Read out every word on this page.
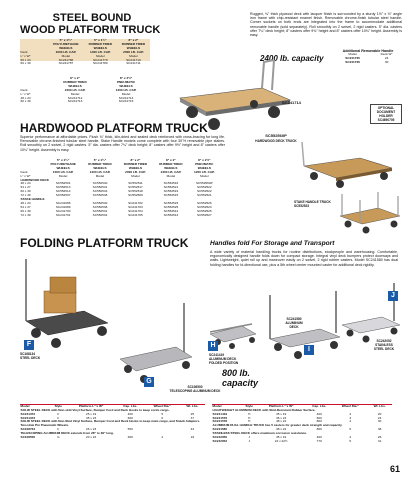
STEEL BOUND
WOOD PLATFORM TRUCK
	5" x 1¼"	5" x 1¼"	8" x 2"
	POLYURETHANE	RUBBER TIRED	RUBBER TIRED
	WHEELS	WHEELS	WHEELS
Deck	1000 LB. CAP.	1400 LB. CAP.	2000 LB. CAP.
L" x W"	Model	Model	Model
60 x 24	SC241786	SC241779	SC241710
60 x 30	SC241787	SC241780	SC241711
	8" x 2"	8" x 2½"
	RUBBER TIRED	PNEUMATIC
	WHEELS	WHEELS
Deck	2400 LB. CAP.	1200 LB. CAP.
L" x W"	Model	Model
48 x 24	SC241712	SC241714
60 x 30	SC241713	SC241715
Rugged, ¾" thick plywood deck with lacquer finish is surrounded by a sturdy 1½" x ⅛" angle iron frame with chip-resistant enamel finish. Removable chrome-finish tubular steel handle. Corner sockets on both ends are integrated into the frame to accommodate additional removable handle (sold separately). Roll smoothly on 2 swivel, 2 rigid casters. 5" dia. casters offer 7¼" deck height; 8" casters offer 9¾" height and 8" casters offer 10¾" height. Assembly is easy.
2400 lb. capacity
Additional Removable Handle
Model	Deck W"
SC241735	24
SC241736	30
SC241714
OPTIONAL
DOCUMENT
HOLDER
SC4690705
HARDWOOD PLATFORM TRUCK
Superior performance at affordable prices. Flush ¾" thick, kiln-dried and sealed deck reinforced with cross-bracing for long life. Removable chrome-finished tubular steel handle. Stake Handle models come complete with four 30"H removable pipe stakes. Roll smoothly on 2 swivel, 2 rigid casters. 5" dia. casters offer 7¼" deck height; 8" casters offer 9½" height and 8" casters offer 10¼" height. Assembly is easy.
	5" x 1¼"	5" x 1¼"	8" x 2"	8" x 2"	8" x 2½"
	POLYURETHANE	RUBBER TIRED	RUBBER TIRED	RUBBER TIRED	PNEUMATIC
	WHEELS	WHEELS	WHEELS	WHEELS	WHEELS
Deck	1000 LB. CAP.	1400 LB. CAP.	2000 LB. CAP.	2400 LB. CAP.	1200 LB. CAP.
L" x W"	Model	Model	Model	Model	Model
HARDWOOD DECK					
48 x 24	SC552501	SC552540	SC552511	SC552516	SC552560P
54 x 27	SC552513	SC552541	SC552517	SC552521	SC552522
60 x 30	SC552514	SC552543	SC552518	SC552519	SC552522
72 x 30	SC552507	SC552548	SC552509	SC552515	SC552521
STAKE HANDLE					
48 x 24	SC241686	SC552540	SC241702	SC552523	SC552526
54 x 27	SC241689	SC552538	SC241703	SC552525	SC552524
60 x 30	SC241700	SC552531	SC241704	SC552512	SC552525
72 x 30	SC241701	SC552532	SC241705	SC552513	SC552527
SC552560P
HARDWOOD DECK TRUCK
STAKE HANDLE TRUCK
SC552523
FOLDING PLATFORM TRUCK	Handles fold For Storage and Transport
A wide variety of material handling trucks for routine distributions, stockpeople and warehousing. Comfortable, ergonomically designed handle folds down for compact storage. Integral vinyl deck bumpers protect doorways and walls. Lightweight, quiet roll up and maneuver easily on 2 swivel, 2 rigid rubber casters. Model SC241580 has dual folding handles for bi-directional use, plus a 5th wheel center mounted caster for additional deck rigidity.
F
SC168134
STEEL DECK
G
SC108500
TELESCOPING ALUMINUM DECK
H
SC241419
ALUMINUM DECK
FOLDED POSITION
800 lb. capacity
I
SC241580
ALUMINUM
DECK
J
SC242052
STAINLESS
STEEL DECK
Model	Style	Platform L" x W"	Cap. Lbs.	Wheel Dia."	Wt. Lbs.
SOLID STEEL DECK with Non-skid Vinyl Surface, Bumper Cord and Deck Hooks to keep cords cargo.					
SC241372	F	25 x 19	400	5	25
SC241373	F	35 x 23	600	6	37
SOLID STEEL DECK with Non-Skid Vinyl Surface, Bumper Cord and Deck Hooks to keep mats cargo, and Snack Adaptors. Two-Hole Pin Pneumatic Wheels.					
SC108734	F	26 x 23	550		43
TELESCOPING ALUMINUM DECK extends from 28" to 39" long.					
SC108500	G	20 x 16	300	4	19
Model	Style	Platform L" x W"	Cap. Lbs.	Wheel Dia."	Wt. Lbs.
LIGHTWEIGHT ALUMINUM DECK with Skid-Resistant Rubber Surface.					
SC241419	H	35 x 19	400	4	20
SC241576	H	36 x 24	600	4	24
SC241578	H	48 x 24	800	4	30
ALUMINUM DUAL HANDLE TRUCK has 5 casters for greater deck strength and capacity.					
SC241580	I	48 x 24	800	5	38
STAINLESS STEEL DECK offers maximum corrosion resistance.					
SC242050	J	35 x 19	400	4	26
SC242052	J	24 x 22½	770	5	31
61
